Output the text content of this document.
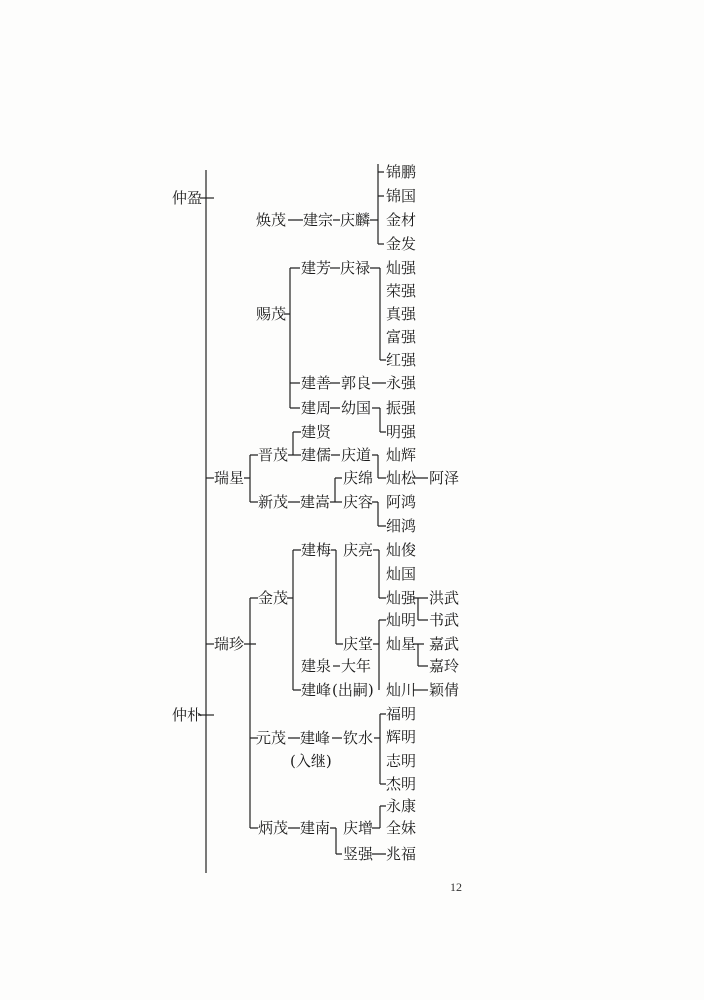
仲盈
焕茂 建宗 庆麟
锦鹏
锦国
金材
金发
赐茂
建芳 庆禄 灿强
荣强
真强
富强
红强
建善 郭良 永强
建周 幼国 振强
明强
瑞星
晋茂
建贤
建儒 庆道 灿辉
灿松 阿泽
新茂 建嵩
庆绵
庆容 阿鸿
细鸿
仲朴
瑞珍
金茂
建梅 庆亮 灿俊
灿国
灿强 洪武
书武
庆堂
灿明
灿星 嘉武
嘉玲
建泉 大年
建峰 (出嗣) 灿川 颖倩
元茂 建峰 钦水
(入继)
福明
辉明
志明
杰明
炳茂 建南 庆增
竖强 兆福
永康
全妹
12
